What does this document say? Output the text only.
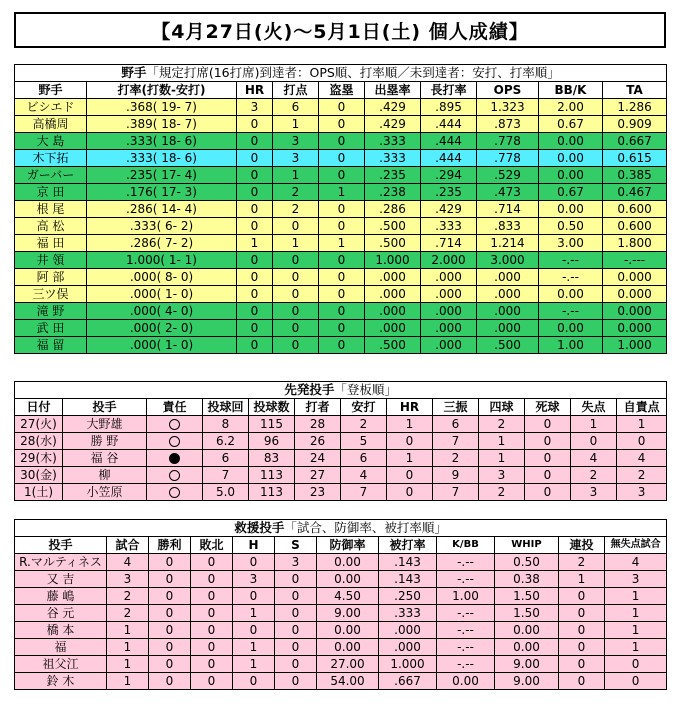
【4月27日(火)〜5月1日(土) 個人成績】
野手「規定打席(16打席)到達者：OPS順、打率順／未到達者：安打、打率順」									
野手	打率(打数-安打)	HR	打点	盗塁	出塁率	長打率	OPS	BB/K	TA
ビシエド	.368( 19- 7)	3	6	0	.429	.895	1.323	2.00	1.286
高橋周	.389( 18- 7)	0	1	0	.429	.444	.873	0.67	0.909
大 島	.333( 18- 6)	0	3	0	.333	.444	.778	0.00	0.667
木下拓	.333( 18- 6)	0	3	0	.333	.444	.778	0.00	0.615
ガーバー	.235( 17- 4)	0	1	0	.235	.294	.529	0.00	0.385
京 田	.176( 17- 3)	0	2	1	.238	.235	.473	0.67	0.467
根 尾	.286( 14- 4)	0	2	0	.286	.429	.714	0.00	0.600
高 松	.333( 6- 2)	0	0	0	.500	.333	.833	0.50	0.600
福 田	.286( 7- 2)	1	1	1	.500	.714	1.214	3.00	1.800
井 領	1.000( 1- 1)	0	0	0	1.000	2.000	3.000	-.--	-.---
阿 部	.000( 8- 0)	0	0	0	.000	.000	.000	-.--	0.000
三ツ俣	.000( 1- 0)	0	0	0	.000	.000	.000	0.00	0.000
滝 野	.000( 4- 0)	0	0	0	.000	.000	.000	-.--	0.000
武 田	.000( 2- 0)	0	0	0	.000	.000	.000	0.00	0.000
福 留	.000( 1- 0)	0	0	0	.500	.000	.500	1.00	1.000
先発投手「登板順」												
日付	投手	責任	投球回	投球数	打者	安打	HR	三振	四球	死球	失点	自責点
27(火)	大野雄		8	115	28	2	1	6	2	0	1	1
28(水)	勝 野		6.2	96	26	5	0	7	1	0	0	0
29(木)	福 谷		6	83	24	6	1	2	1	0	4	4
30(金)	柳		7	113	27	4	0	9	3	0	2	2
1(土)	小笠原		5.0	113	23	7	0	7	2	0	3	3
救援投手「試合、防御率、被打率順」											
投手	試合	勝利	敗北	H	S	防御率	被打率	K/BB	WHIP	連投	無失点試合
R.マルティネス	4	0	0	0	3	0.00	.143	-.--	0.50	2	4
又 吉	3	0	0	3	0	0.00	.143	-.--	0.38	1	3
藤 嶋	2	0	0	0	0	4.50	.250	1.00	1.50	0	1
谷 元	2	0	0	1	0	9.00	.333	-.--	1.50	0	1
橋 本	1	0	0	0	0	0.00	.000	-.--	0.00	0	1
福	1	0	0	1	0	0.00	.000	-.--	0.00	0	1
祖父江	1	0	0	1	0	27.00	1.000	-.--	9.00	0	0
鈴 木	1	0	0	0	0	54.00	.667	0.00	9.00	0	0
